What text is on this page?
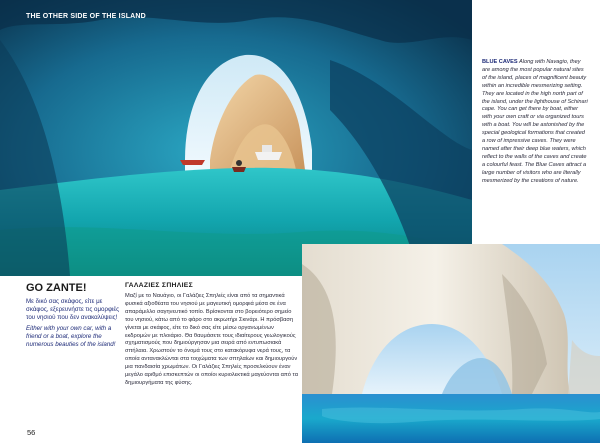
THE OTHER SIDE OF THE ISLAND
BLUE CAVES Along with Navagio, they are among the most popular natural sites of the island, places of magnificent beauty within an incredible mesmerizing setting. They are located in the high north part of the island, under the lighthouse of Schinari cape. You can get there by boat, either with your own craft or via organized tours with a boat. You will be astonished by the special geological formations that created a row of impressive caves. They were named after their deep blue waters, which reflect to the walls of the caves and create a colourful feast. The Blue Caves attract a large number of visitors who are literally mesmerized by the creations of nature.
GO ZANTE!

Με δικό σας σκάφος, είτε με σκάφος, εξερευνήστε τις ομορφιές του νησιού που δεν ανακαλύψεις!

Either with your own car, with a friend or a boat, explore the numerous beauties of the island!

ΓΑΛΑΖΙΕΣ ΣΠΗΛΙΕΣ

Μαζί με το Ναυάγιο, οι Γαλάζιες Σπηλιές είναι από τα σημαντικά φυσικά αξιοθέατα του νησιού με μαγευτική ομορφιά μέσα σε ένα απαράμιλλο σαγηνευτικό τοπίο. Βρίσκονται στο βορειότερο σημείο του νησιού, κάτω από το φάρο στο ακρωτήρι Σκινάρι. Η πρόσβαση γίνεται με σκάφος, είτε το δικό σας είτε μέσω οργανωμένων εκδρομών με πλοιάριο. Θα θαυμάσετε τους ιδιαίτερους γεωλογικούς σχηματισμούς που δημιούργησαν μια σειρά από εντυπωσιακά σπήλαια. Χρωστούν το όνομά τους στο κατακόρυφα νερά τους, τα οποία αντανακλώνται στα τοιχώματα των σπηλαίων και δημιουργούν μια πανδαισία χρωμάτων. Οι Γαλάζιες Σπηλιές προσελκύουν έναν μεγάλο αριθμό επισκεπτών οι οποίοι κυριολεκτικά μαγεύονται από τα δημιουργήματα της φύσης.

56
